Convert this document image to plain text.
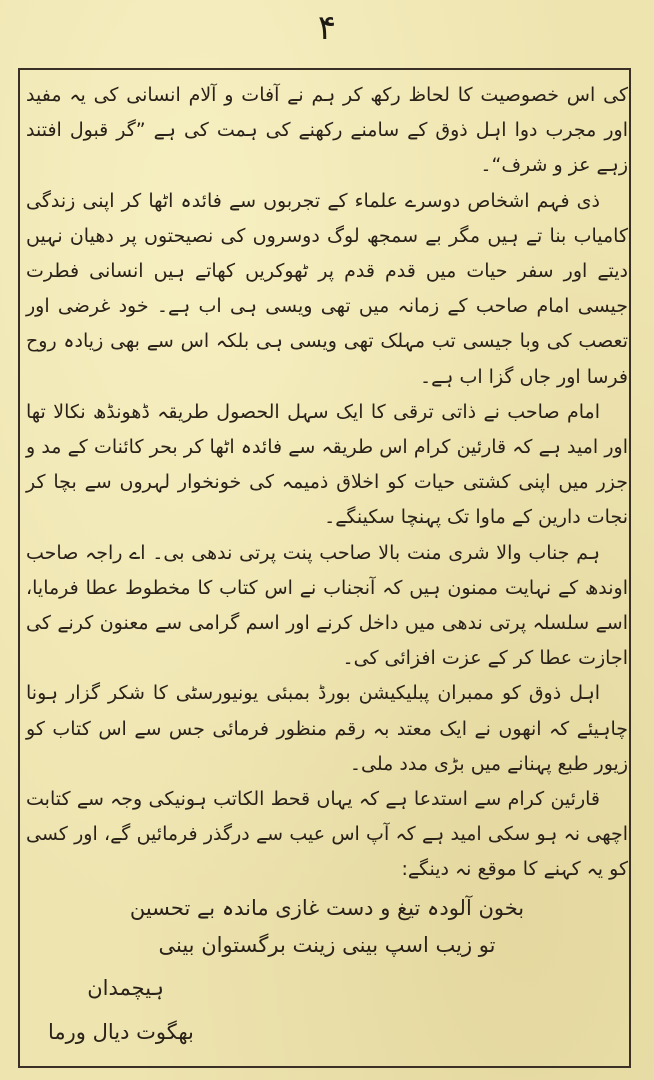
۴

کی اس خصوصیت کا لحاظ رکھ کر ہم نے آفات و آلام انسانی کی یہ مفید اور مجرب دوا اہل ذوق کے سامنے رکھنے کی ہمت کی ہے ”گر قبول افتند زہے عز و شرف“۔

ذی فہم اشخاص دوسرے علماء کے تجربوں سے فائدہ اٹھا کر اپنی زندگی کامیاب بنا تے ہیں مگر بے سمجھ لوگ دوسروں کی نصیحتوں پر دھیان نہیں دیتے اور سفر حیات میں قدم قدم پر ٹھوکریں کھاتے ہیں انسانی فطرت جیسی امام صاحب کے زمانہ میں تھی ویسی ہی اب ہے۔ خود غرضی اور تعصب کی وبا جیسی تب مہلک تھی ویسی ہی بلکہ اس سے بھی زیادہ روح فرسا اور جاں گزا اب ہے۔

امام صاحب نے ذاتی ترقی کا ایک سہل الحصول طریقہ ڈھونڈھ نکالا تھا اور امید ہے کہ قارئین کرام اس طریقہ سے فائدہ اٹھا کر بحر کائنات کے مد و جزر میں اپنی کشتی حیات کو اخلاق ذمیمہ کی خونخوار لہروں سے بچا کر نجات دارین کے ماوا تک پہنچا سکینگے۔

ہم جناب والا شری منت بالا صاحب پنت پرتی ندھی بی۔ اے راجہ صاحب اوندھ کے نہایت ممنون ہیں کہ آنجناب نے اس کتاب کا مخطوط عطا فرمایا، اسے سلسلہ پرتی ندھی میں داخل کرنے اور اسم گرامی سے معنون کرنے کی اجازت عطا کر کے عزت افزائی کی۔

اہل ذوق کو ممبران پبلیکیشن بورڈ بمبئی یونیورسٹی کا شکر گزار ہونا چاہیئے کہ انھوں نے ایک معتد بہ رقم منظور فرمائی جس سے اس کتاب کو زیور طبع پہنانے میں بڑی مدد ملی۔

قارئین کرام سے استدعا ہے کہ یہاں قحط الکاتب ہونیکی وجہ سے کتابت اچھی نہ ہو سکی امید ہے کہ آپ اس عیب سے درگذر فرمائیں گے، اور کسی کو یہ کہنے کا موقع نہ دینگے:

بخون آلودہ تیغ و دست غازی ماندہ بے تحسین
تو زیب اسپ بینی زینت برگستوان بینی
ہیچمدان
بھگوت دیال ورما
